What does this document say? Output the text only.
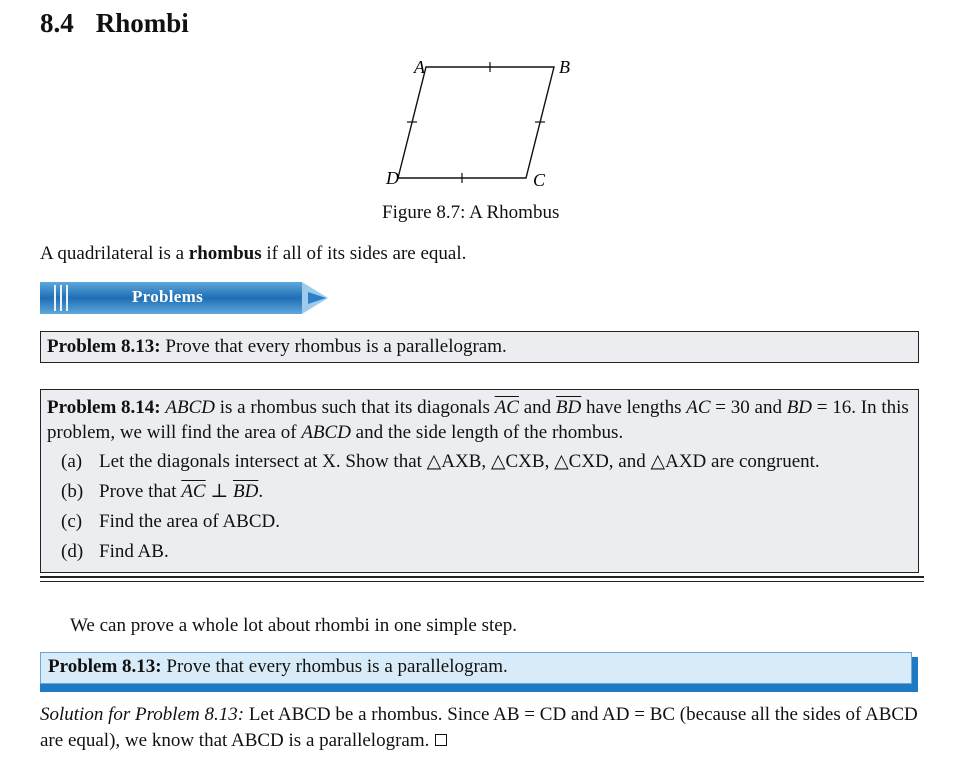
8.4 Rhombi
A	B
C
D
Figure 8.7: A Rhombus
A quadrilateral is a rhombus if all of its sides are equal.
Problems
Problem 8.13: Prove that every rhombus is a parallelogram.
Problem 8.14: ABCD is a rhombus such that its diagonals $\overline{AC}$ and $\overline{BD}$ have lengths AC = 30 and BD = 16. In this problem, we will find the area of ABCD and the side length of the rhombus.
(a) Let the diagonals intersect at X. Show that △AXB, △CXB, △CXD, and △AXD are congruent.
(b) Prove that $\overline{AC}$ ⊥ $\overline{BD}$.
(c) Find the area of ABCD.
(d) Find AB.
We can prove a whole lot about rhombi in one simple step.
Problem 8.13: Prove that every rhombus is a parallelogram.
Solution for Problem 8.13: Let ABCD be a rhombus. Since AB = CD and AD = BC (because all the sides of ABCD are equal), we know that ABCD is a parallelogram.
